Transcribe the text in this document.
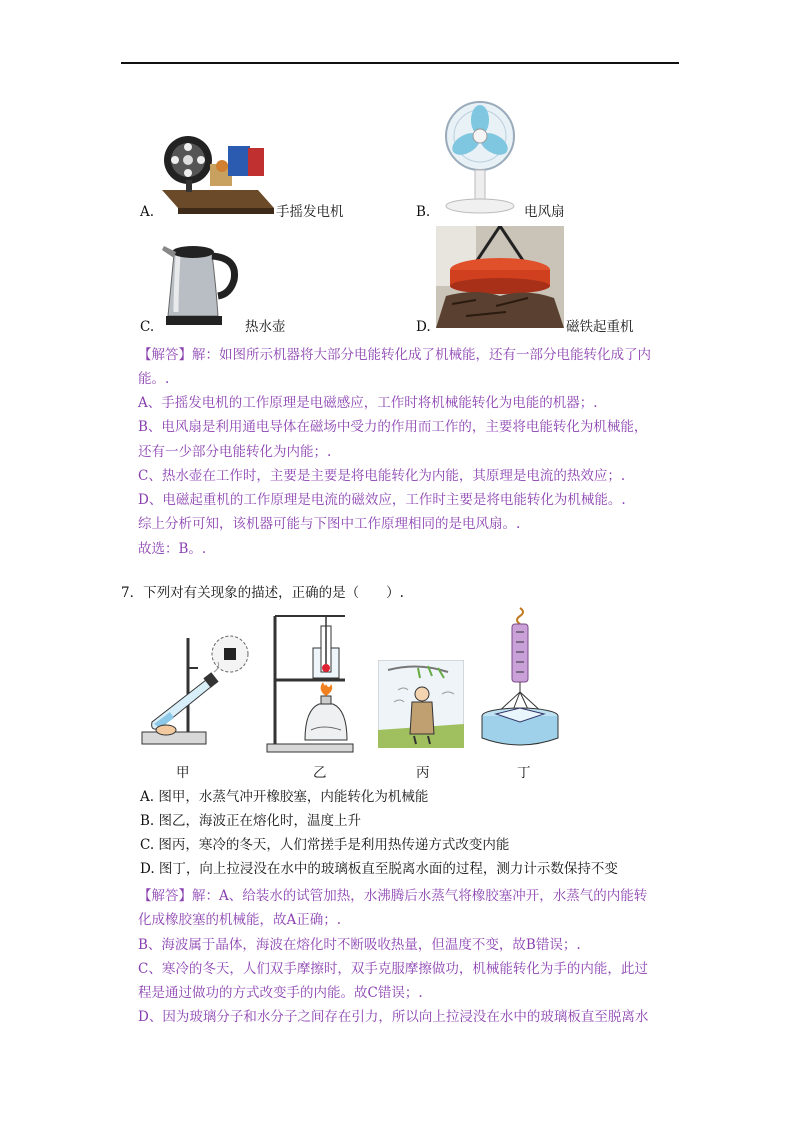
A.	手摇发电机	B.	电风扇
C.	热水壶	D.	磁铁起重机
【解答】解：如图所示机器将大部分电能转化成了机械能，还有一部分电能转化成了内
能。.
A、手摇发电机的工作原理是电磁感应，工作时将机械能转化为电能的机器；.
B、电风扇是利用通电导体在磁场中受力的作用而工作的，主要将电能转化为机械能，
还有一少部分电能转化为内能；.
C、热水壶在工作时，主要是主要是将电能转化为内能，其原理是电流的热效应；.
D、电磁起重机的工作原理是电流的磁效应，工作时主要是将电能转化为机械能。.
综上分析可知，该机器可能与下图中工作原理相同的是电风扇。.
故选：B。.
7．下列对有关现象的描述，正确的是（　　）.
甲	乙	丙	丁
A. 图甲，水蒸气冲开橡胶塞，内能转化为机械能
B. 图乙，海波正在熔化时，温度上升
C. 图丙，寒冷的冬天，人们常搓手是利用热传递方式改变内能
D. 图丁，向上拉浸没在水中的玻璃板直至脱离水面的过程，测力计示数保持不变
【解答】解：A、给装水的试管加热，水沸腾后水蒸气将橡胶塞冲开，水蒸气的内能转
化成橡胶塞的机械能，故A正确；.
B、海波属于晶体，海波在熔化时不断吸收热量，但温度不变，故B错误；.
C、寒冷的冬天，人们双手摩擦时，双手克服摩擦做功，机械能转化为手的内能，此过
程是通过做功的方式改变手的内能。故C错误；.
D、因为玻璃分子和水分子之间存在引力，所以向上拉浸没在水中的玻璃板直至脱离水
